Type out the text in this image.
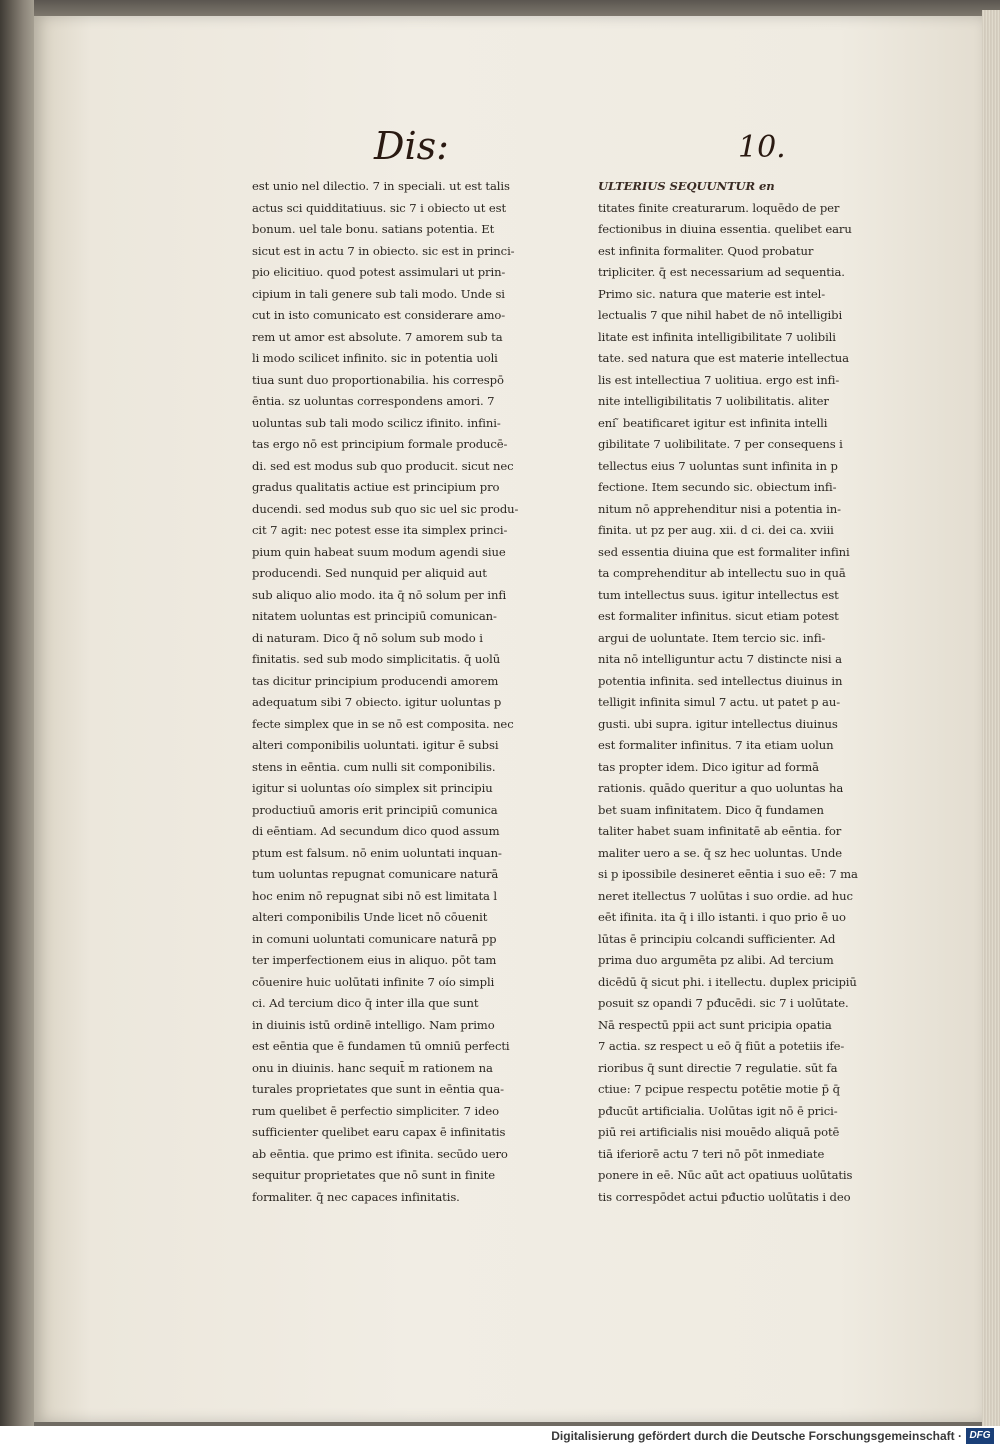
Dis:	10.
est unio nel dilectio. 7 in speciali. ut est talis
actus sci quidditatiuus. sic 7 i obiecto ut est
bonum. uel tale bonu. satians potentia. Et
sicut est in actu 7 in obiecto. sic est in princi-
pio elicitiuo. quod potest assimulari ut prin-
cipium in tali genere sub tali modo. Unde si
cut in isto comunicato est considerare amo-
rem ut amor est absolute. 7 amorem sub ta
li modo scilicet infinito. sic in potentia uoli
tiua sunt duo proportionabilia. his correspō
ēntia. sz uoluntas correspondens amori. 7
uoluntas sub tali modo scilicz ifinito. infini-
tas ergo nō est principium formale producē-
di. sed est modus sub quo producit. sicut nec
gradus qualitatis actiue est principium pro
ducendi. sed modus sub quo sic uel sic produ-
cit 7 agit: nec potest esse ita simplex princi-
pium quin habeat suum modum agendi siue
producendi. Sed nunquid per aliquid aut
sub aliquo alio modo. ita q̄ nō solum per infi
nitatem uoluntas est principiū comunican-
di naturam. Dico q̄ nō solum sub modo i
finitatis. sed sub modo simplicitatis. q̄ uolū
tas dicitur principium producendi amorem
adequatum sibi 7 obiecto. igitur uoluntas p
fecte simplex que in se nō est composita. nec
alteri componibilis uoluntati. igitur ē subsi
stens in eēntia. cum nulli sit componibilis.
igitur si uoluntas oío simplex sit principiu
productiuū amoris erit principiū comunica
di eēntiam. Ad secundum dico quod assum
ptum est falsum. nō enim uoluntati inquan-
tum uoluntas repugnat comunicare naturā
hoc enim nō repugnat sibi nō est limitata l
alteri componibilis Unde licet nō cōuenit
in comuni uoluntati comunicare naturā pp
ter imperfectionem eius in aliquo. pōt tam
cōuenire huic uolūtati infinite 7 oío simpli
ci. Ad tercium dico q̄ inter illa que sunt
in diuinis istū ordinē intelligo. Nam primo
est eēntia que ē fundamen tū omniū perfecti
onu in diuinis. hanc sequit̄ m rationem na
turales proprietates que sunt in eēntia qua-
rum quelibet ē perfectio simpliciter. 7 ideo
sufficienter quelibet earu capax ē infinitatis
ab eēntia. que primo est ifinita. secūdo uero
sequitur proprietates que nō sunt in finite
formaliter. q̄ nec capaces infinitatis.
ULTERIUS SEQUUNTUR en
titates finite creaturarum. loquēdo de per
fectionibus in diuina essentia. quelibet earu
est infinita formaliter. Quod probatur
tripliciter. q̄ est necessarium ad sequentia.
Primo sic. natura que materie est intel-
lectualis 7 que nihil habet de nō intelligibi
litate est infinita intelligibilitate 7 uolibili
tate. sed natura que est materie intellectua
lis est intellectiua 7 uolitiua. ergo est infi-
nite intelligibilitatis 7 uolibilitatis. aliter
eni ̃ beatificaret igitur est infinita intelli
gibilitate 7 uolibilitate. 7 per consequens i
tellectus eius 7 uoluntas sunt infinita in p
fectione. Item secundo sic. obiectum infi-
nitum nō apprehenditur nisi a potentia in-
finita. ut pz per aug. xii. d ci. dei ca. xviii
sed essentia diuina que est formaliter infini
ta comprehenditur ab intellectu suo in quā
tum intellectus suus. igitur intellectus est
est formaliter infinitus. sicut etiam potest
argui de uoluntate. Item tercio sic. infi-
nita nō intelliguntur actu 7 distincte nisi a
potentia infinita. sed intellectus diuinus in
telligit infinita simul 7 actu. ut patet p au-
gusti. ubi supra. igitur intellectus diuinus
est formaliter infinitus. 7 ita etiam uolun
tas propter idem. Dico igitur ad formā
rationis. quādo queritur a quo uoluntas ha
bet suam infinitatem. Dico q̄ fundamen
taliter habet suam infinitatē ab eēntia. for
maliter uero a se. q̄ sz hec uoluntas. Unde
si p ipossibile desineret eēntia i suo eē: 7 ma
neret itellectus 7 uolūtas i suo ordie. ad huc
eēt ifinita. ita q̄ i illo istanti. i quo prio ē uo
lūtas ē principiu colcandi sufficienter. Ad
prima duo argumēta pz alibi. Ad tercium
dicēdū q̄ sicut phi. i itellectu. duplex pricipiū
posuit sz opandi 7 pđucēdi. sic 7 i uolūtate.
Nā respectū ppii act sunt pricipia opatia
7 actia. sz respect u eō q̄ fiūt a potetiis ife-
rioribus q̄ sunt directie 7 regulatie. sūt fa
ctiue: 7 pcipue respectu potētie motie p̄ q̄
pđucūt artificialia. Uolūtas igit nō ē prici-
piū rei artificialis nisi mouēdo aliquā potē
tiā iferiorē actu 7 teri nō pōt inmediate
ponere in eē. Nūc aūt act opatiuus uolūtatis
tis correspōdet actui pđuctio uolūtatis i deo
Digitalisierung gefördert durch die Deutsche Forschungsgemeinschaft · DFG
